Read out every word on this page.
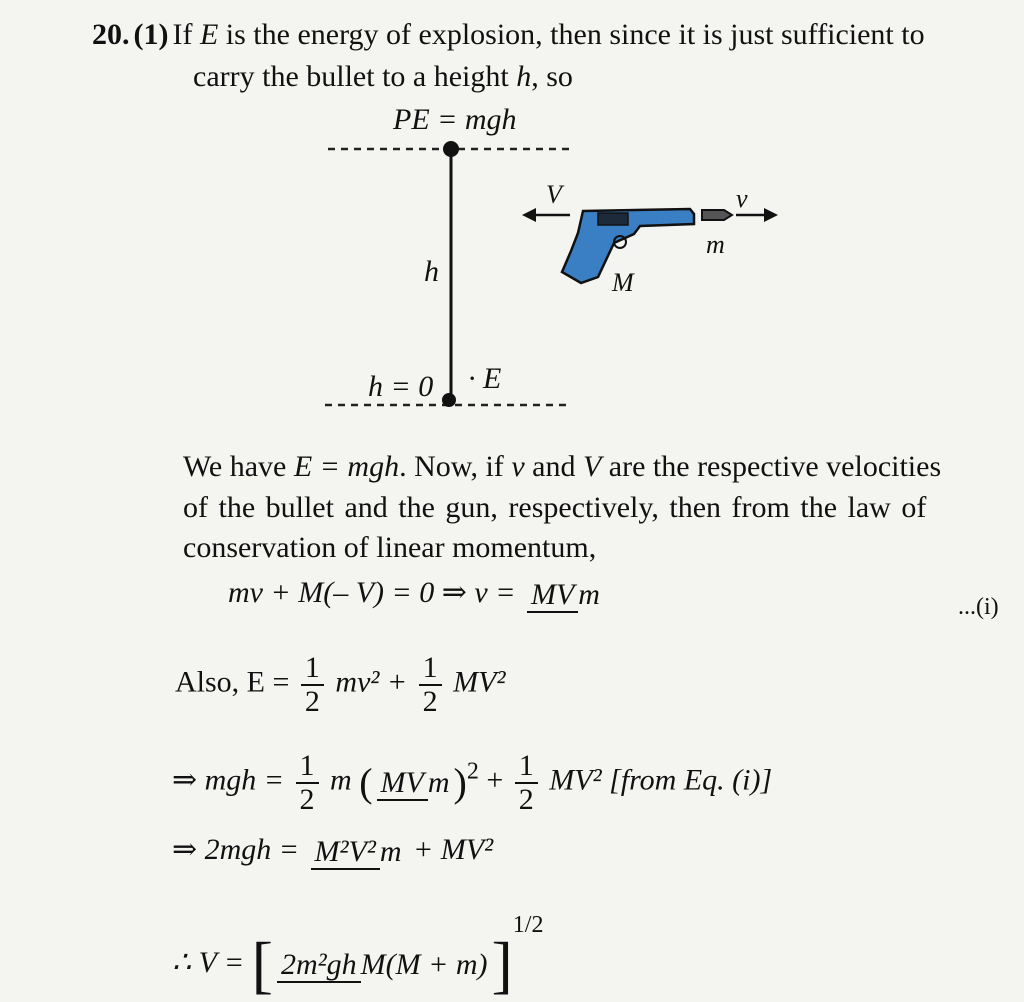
20. (1) If E is the energy of explosion, then since it is just sufficient to
carry the bullet to a height h, so
PE = mgh
h
h = 0 · E
V	v
m
M
We have E = mgh. Now, if v and V are the respective velocities
of the bullet and the gun, respectively, then from the law of
conservation of linear momentum,
mv + M(– V) = 0 ⇒ v = MV m	...(i)
Also, $E = \frac{1}{2} mv^2 + \frac{1}{2} MV^2$
⇒ mgh = $\frac{1}{2}$ m ( MV m )$^2 + \frac{1}{2} MV^2$ [from Eq. (i)]
⇒ 2mgh = M²V² m + MV²
∴ V = [ 2m²gh M(M + m)]$^{1/2}$
